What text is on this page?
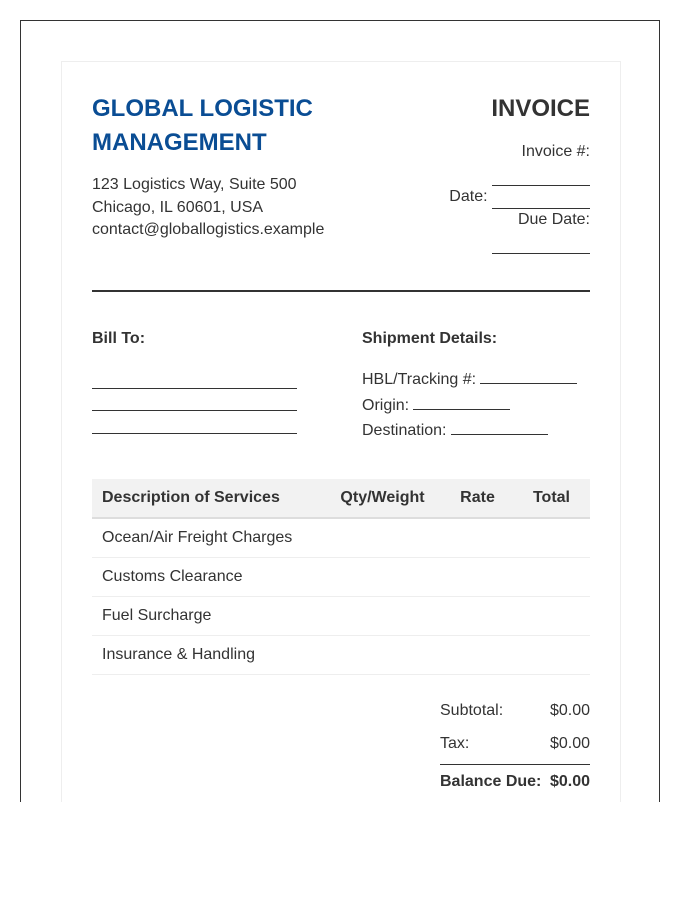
GLOBAL LOGISTIC MANAGEMENT
123 Logistics Way, Suite 500
Chicago, IL 60601, USA
contact@globallogistics.example
INVOICE
Invoice #:
Date:
Due Date:
Bill To:	Shipment Details:
HBL/Tracking #:
Origin:
Destination:
Description of Services	Qty/Weight	Rate	Total
Ocean/Air Freight Charges			
Customs Clearance			
Fuel Surcharge			
Insurance & Handling			
Subtotal:	$0.00
Tax:	$0.00
Balance Due: $0.00
